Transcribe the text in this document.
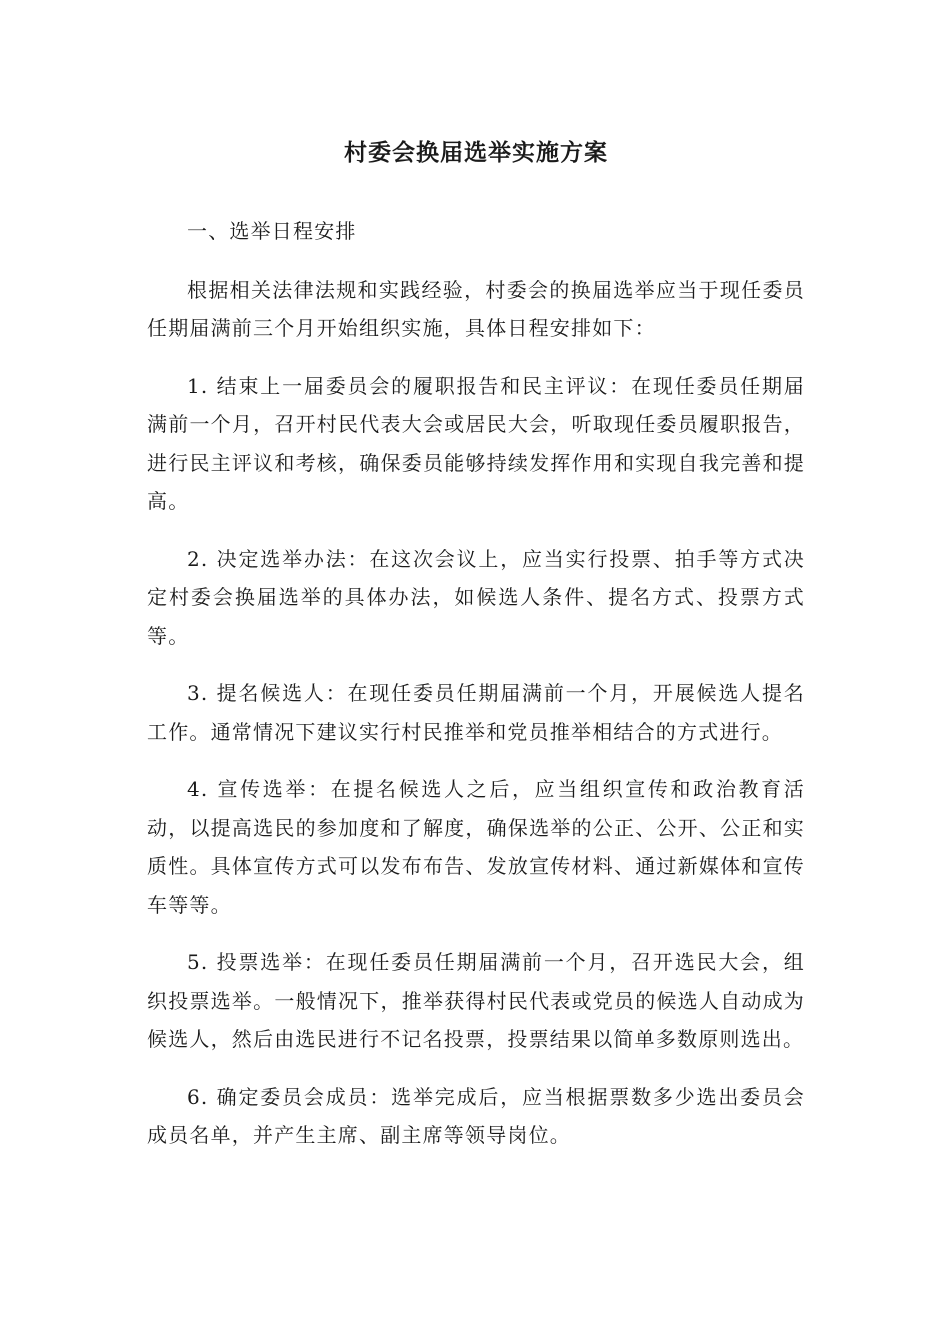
村委会换届选举实施方案

一、选举日程安排

根据相关法律法规和实践经验，村委会的换届选举应当于现任委员任期届满前三个月开始组织实施，具体日程安排如下：

1. 结束上一届委员会的履职报告和民主评议：在现任委员任期届满前一个月，召开村民代表大会或居民大会，听取现任委员履职报告，进行民主评议和考核，确保委员能够持续发挥作用和实现自我完善和提高。

2. 决定选举办法：在这次会议上，应当实行投票、拍手等方式决定村委会换届选举的具体办法，如候选人条件、提名方式、投票方式等。

3. 提名候选人：在现任委员任期届满前一个月，开展候选人提名工作。通常情况下建议实行村民推举和党员推举相结合的方式进行。

4. 宣传选举：在提名候选人之后，应当组织宣传和政治教育活动，以提高选民的参加度和了解度，确保选举的公正、公开、公正和实质性。具体宣传方式可以发布布告、发放宣传材料、通过新媒体和宣传车等等。

5. 投票选举：在现任委员任期届满前一个月，召开选民大会，组织投票选举。一般情况下，推举获得村民代表或党员的候选人自动成为候选人，然后由选民进行不记名投票，投票结果以简单多数原则选出。

6. 确定委员会成员：选举完成后，应当根据票数多少选出委员会成员名单，并产生主席、副主席等领导岗位。
